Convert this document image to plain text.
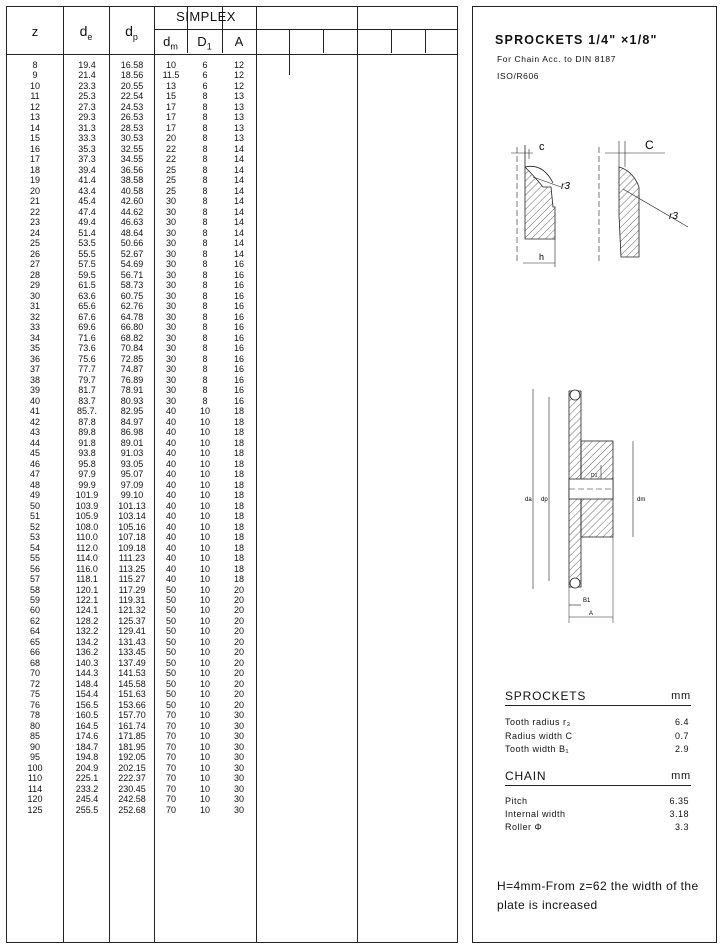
z	$d_e$	$d_p$
SIMPLEX
$d_m$	$D_1$	A
8	19.4	16.58	10	6	12
9	21.4	18.56	11.5	6	12
10	23.3	20.55	13	6	12
11	25.3	22.54	15	8	13
12	27.3	24.53	17	8	13
13	29.3	26.53	17	8	13
14	31.3	28.53	17	8	13
15	33.3	30.53	20	8	13
16	35.3	32.55	22	8	14
17	37.3	34.55	22	8	14
18	39.4	36.56	25	8	14
19	41.4	38.58	25	8	14
20	43.4	40.58	25	8	14
21	45.4	42.60	30	8	14
22	47.4	44.62	30	8	14
23	49.4	46.63	30	8	14
24	51.4	48.64	30	8	14
25	53.5	50.66	30	8	14
26	55.5	52.67	30	8	14
27	57.5	54.69	30	8	16
28	59.5	56.71	30	8	16
29	61.5	58.73	30	8	16
30	63.6	60.75	30	8	16
31	65.6	62.76	30	8	16
32	67.6	64.78	30	8	16
33	69.6	66.80	30	8	16
34	71.6	68.82	30	8	16
35	73.6	70.84	30	8	16
36	75.6	72.85	30	8	16
37	77.7	74.87	30	8	16
38	79.7	76.89	30	8	16
39	81.7	78.91	30	8	16
40	83.7	80.93	30	8	16
41	85.7.	82.95	40	10	18
42	87.8	84.97	40	10	18
43	89.8	86.98	40	10	18
44	91.8	89.01	40	10	18
45	93.8	91.03	40	10	18
46	95.8	93.05	40	10	18
47	97.9	95.07	40	10	18
48	99.9	97.09	40	10	18
49	101.9	99.10	40	10	18
50	103.9	101.13	40	10	18
51	105.9	103.14	40	10	18
52	108.0	105.16	40	10	18
53	110.0	107.18	40	10	18
54	112.0	109.18	40	10	18
55	114.0	111.23	40	10	18
56	116.0	113.25	40	10	18
57	118.1	115.27	40	10	18
58	120.1	117.29	50	10	20
59	122.1	119.31	50	10	20
60	124.1	121.32	50	10	20
62	128.2	125.37	50	10	20
64	132.2	129.41	50	10	20
65	134.2	131.43	50	10	20
66	136.2	133.45	50	10	20
68	140.3	137.49	50	10	20
70	144.3	141.53	50	10	20
72	148.4	145.58	50	10	20
75	154.4	151.63	50	10	20
76	156.5	153.66	50	10	20
78	160.5	157.70	70	10	30
80	164.5	161.74	70	10	30
85	174.6	171.85	70	10	30
90	184.7	181.95	70	10	30
95	194.8	192.05	70	10	30
100	204.9	202.15	70	10	30
110	225.1	222.37	70	10	30
114	233.2	230.45	70	10	30
120	245.4	242.58	70	10	30
125	255.5	252.68	70	10	30
SPROCKETS 1/4" ×1/8"
For Chain Acc. to DIN 8187
ISO/R606
c
r3
h
C
r3
da dp	dm
D1
B1
A
SPROCKETS	mm
Tooth radius r₃	6.4
Radius width C	0.7
Tooth width B₁	2.9
CHAIN	mm
Pitch	6.35
Internal width	3.18
Roller Φ	3.3
H=4mm-From z=62 the width of the plate is increased
